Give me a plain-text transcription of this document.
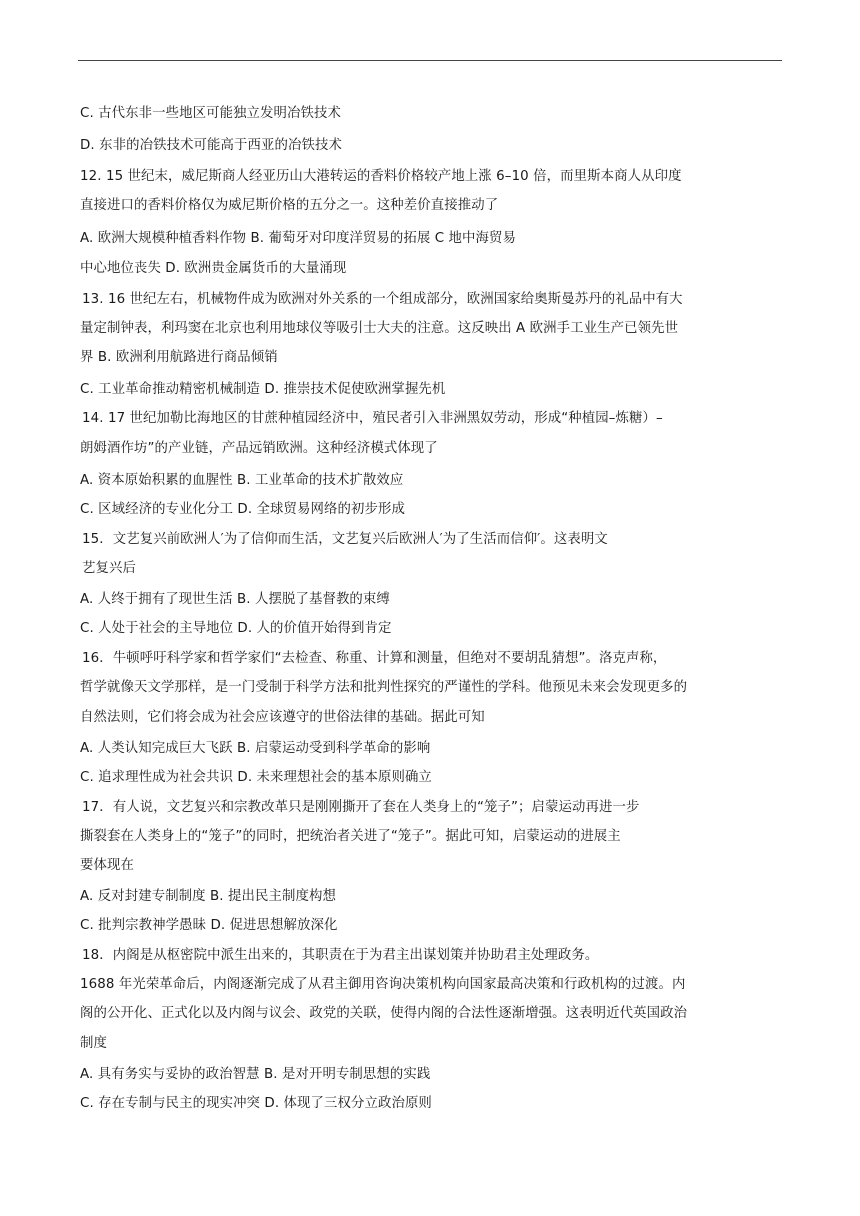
C. 古代东非一些地区可能独立发明冶铁技术
D. 东非的冶铁技术可能高于西亚的冶铁技术
12. 15 世纪末，威尼斯商人经亚历山大港转运的香料价格较产地上涨 6–10 倍，而里斯本商人从印度
直接进口的香料价格仅为威尼斯价格的五分之一。这种差价直接推动了
A. 欧洲大规模种植香料作物 B. 葡萄牙对印度洋贸易的拓展 C 地中海贸易
中心地位丧失 D. 欧洲贵金属货币的大量涌现
13. 16 世纪左右，机械物件成为欧洲对外关系的一个组成部分，欧洲国家给奥斯曼苏丹的礼品中有大
量定制钟表，利玛窦在北京也利用地球仪等吸引士大夫的注意。这反映出 A 欧洲手工业生产已领先世
界 B. 欧洲利用航路进行商品倾销
C. 工业革命推动精密机械制造 D. 推崇技术促使欧洲掌握先机
14. 17 世纪加勒比海地区的甘蔗种植园经济中，殖民者引入非洲黑奴劳动，形成“种植园–炼糖）–
朗姆酒作坊”的产业链，产品远销欧洲。这种经济模式体现了
A. 资本原始积累的血腥性 B. 工业革命的技术扩散效应
C. 区域经济的专业化分工 D. 全球贸易网络的初步形成
15．文艺复兴前欧洲人′为了信仰而生活，文艺复兴后欧洲人′为了生活而信仰′。这表明文
艺复兴后
A. 人终于拥有了现世生活 B. 人摆脱了基督教的束缚
C. 人处于社会的主导地位 D. 人的价值开始得到肯定
16．牛顿呼吁科学家和哲学家们“去检查、称重、计算和测量，但绝对不要胡乱猜想”。洛克声称，
哲学就像天文学那样，是一门受制于科学方法和批判性探究的严谨性的学科。他预见未来会发现更多的
自然法则，它们将会成为社会应该遵守的世俗法律的基础。据此可知
A. 人类认知完成巨大飞跃 B. 启蒙运动受到科学革命的影响
C. 追求理性成为社会共识 D. 未来理想社会的基本原则确立
17．有人说，文艺复兴和宗教改革只是刚刚撕开了套在人类身上的“笼子”；启蒙运动再进一步
撕裂套在人类身上的“笼子”的同时，把统治者关进了“笼子”。据此可知，启蒙运动的进展主
要体现在
A. 反对封建专制制度 B. 提出民主制度构想
C. 批判宗教神学愚昧 D. 促进思想解放深化
18．内阁是从枢密院中派生出来的，其职责在于为君主出谋划策并协助君主处理政务。
1688 年光荣革命后，内阁逐渐完成了从君主御用咨询决策机构向国家最高决策和行政机构的过渡。内
阁的公开化、正式化以及内阁与议会、政党的关联，使得内阁的合法性逐渐增强。这表明近代英国政治
制度
A. 具有务实与妥协的政治智慧 B. 是对开明专制思想的实践
C. 存在专制与民主的现实冲突 D. 体现了三权分立政治原则
